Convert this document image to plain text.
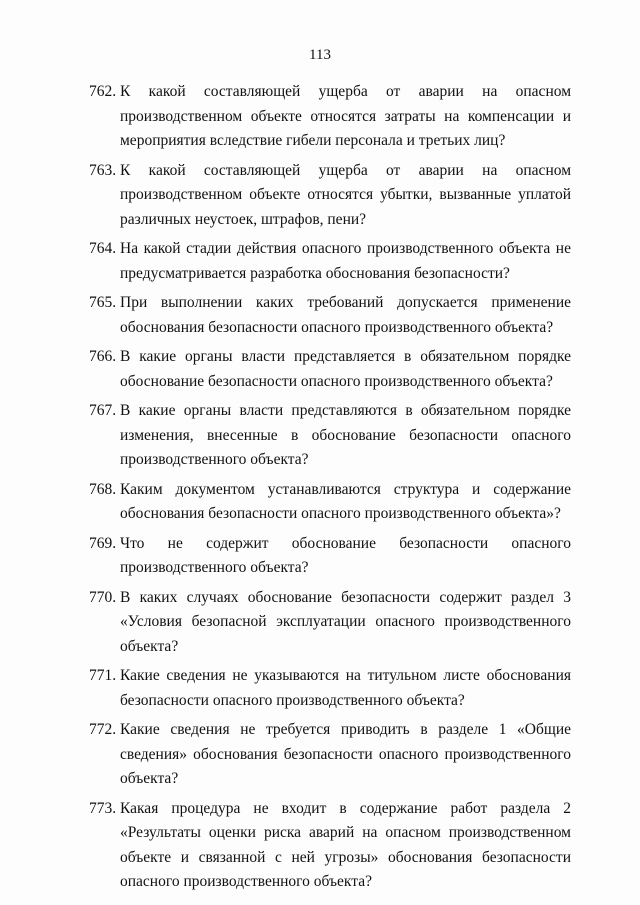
113
762.
К какой составляющей ущерба от аварии на опасном производственном объекте относятся затраты на компенсации и мероприятия вследствие гибели персонала и третьих лиц?
763.
К какой составляющей ущерба от аварии на опасном производственном объекте относятся убытки, вызванные уплатой различных неустоек, штрафов, пени?
764.
На какой стадии действия опасного производственного объекта не предусматривается разработка обоснования безопасности?
765.
При выполнении каких требований допускается применение обоснования безопасности опасного производственного объекта?
766.
В какие органы власти представляется в обязательном порядке обоснование безопасности опасного производственного объекта?
767.
В какие органы власти представляются в обязательном порядке изменения, внесенные в обоснование безопасности опасного производственного объекта?
768.
Каким документом устанавливаются структура и содержание обоснования безопасности опасного производственного объекта»?
769.
Что не содержит обоснование безопасности опасного производственного объекта?
770.
В каких случаях обоснование безопасности содержит раздел 3 «Условия безопасной эксплуатации опасного производственного объекта?
771.
Какие сведения не указываются на титульном листе обоснования безопасности опасного производственного объекта?
772.
Какие сведения не требуется приводить в разделе 1 «Общие сведения» обоснования безопасности опасного производственного объекта?
773.
Какая процедура не входит в содержание работ раздела 2 «Результаты оценки риска аварий на опасном производственном объекте и связанной с ней угрозы» обоснования безопасности опасного производственного объекта?
